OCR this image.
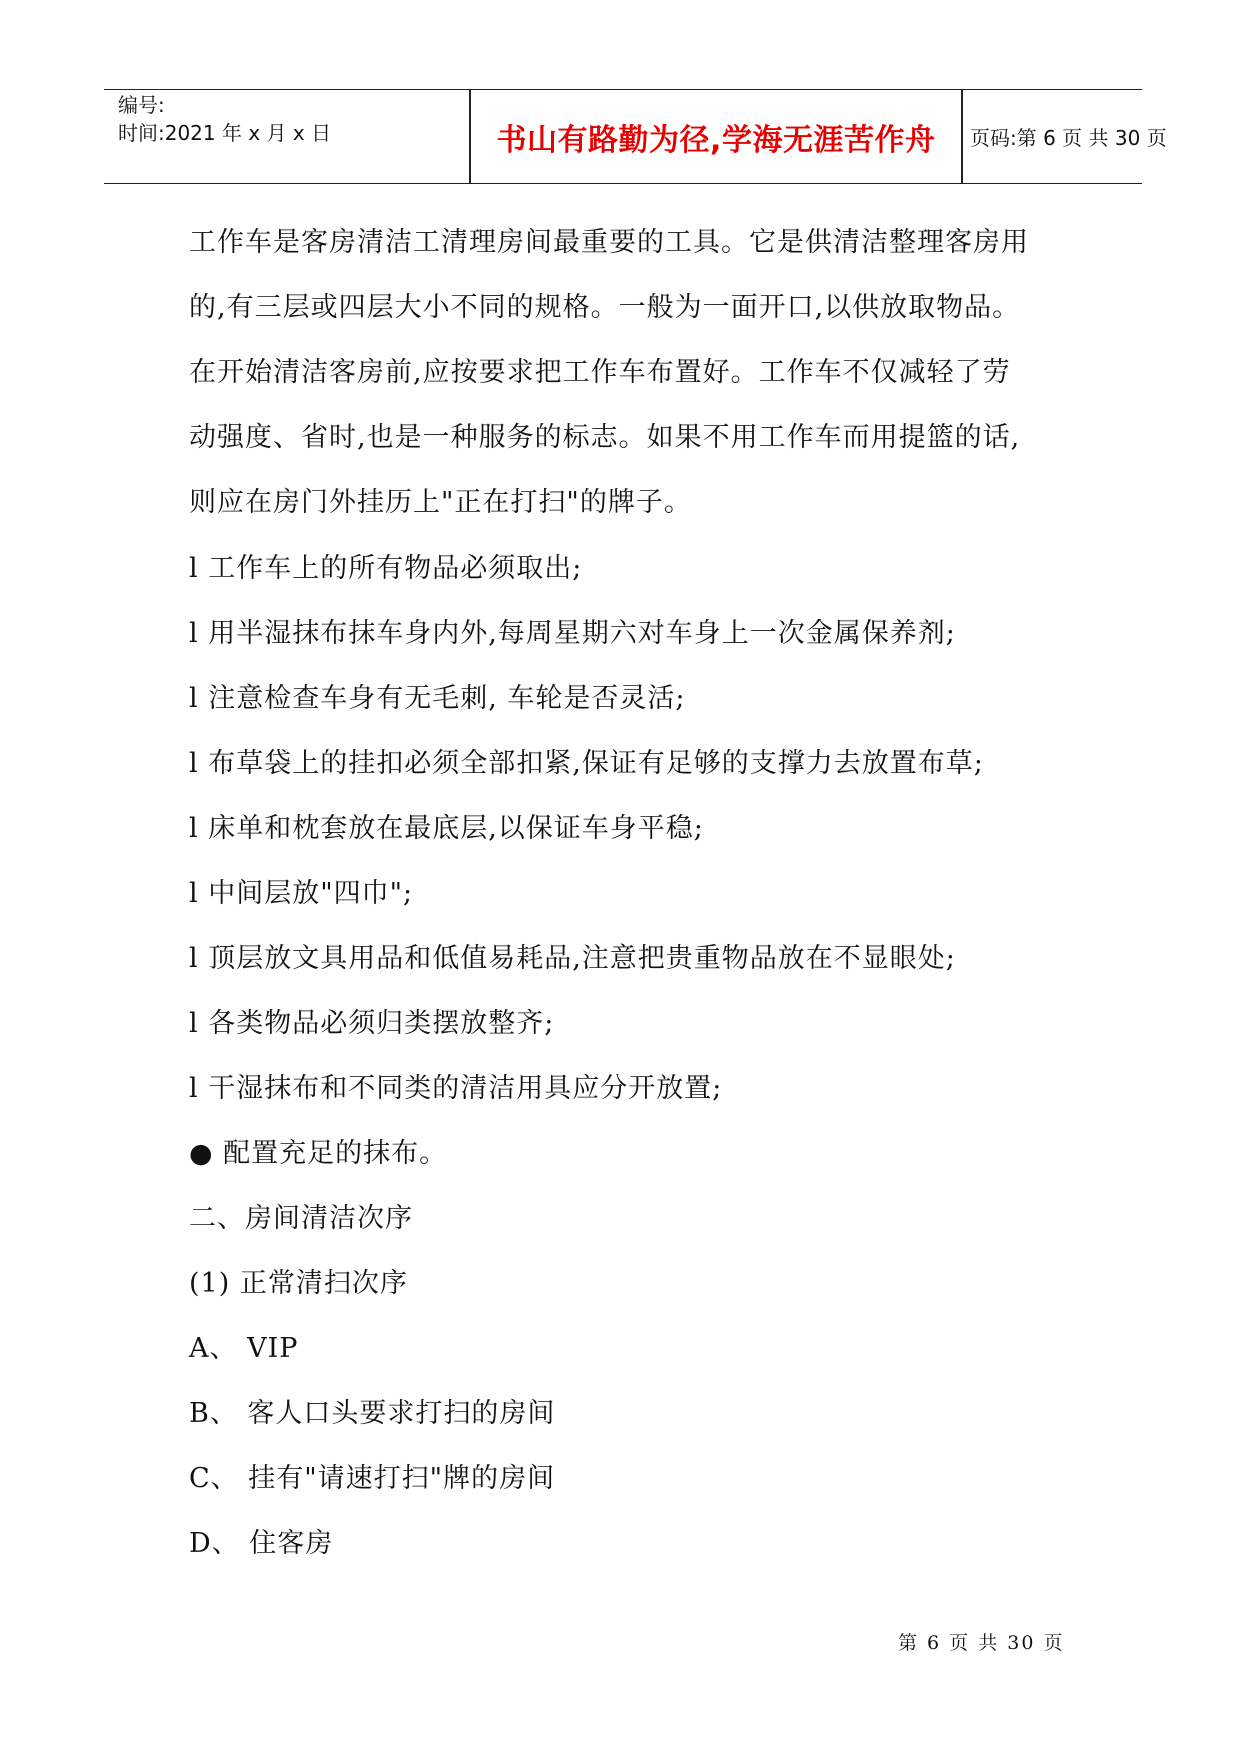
编号:
时间:2021 年 x 月 x 日	书山有路勤为径,学海无涯苦作舟	页码:第 6 页 共 30 页
工作车是客房清洁工清理房间最重要的工具。它是供清洁整理客房用
的,有三层或四层大小不同的规格。一般为一面开口,以供放取物品。
在开始清洁客房前,应按要求把工作车布置好。工作车不仅减轻了劳
动强度、省时,也是一种服务的标志。如果不用工作车而用提篮的话,
则应在房门外挂历上"正在打扫"的牌子。
l 工作车上的所有物品必须取出;
l 用半湿抹布抹车身内外,每周星期六对车身上一次金属保养剂;
l 注意检查车身有无毛刺, 车轮是否灵活;
l 布草袋上的挂扣必须全部扣紧,保证有足够的支撑力去放置布草;
l 床单和枕套放在最底层,以保证车身平稳;
l 中间层放"四巾";
l 顶层放文具用品和低值易耗品,注意把贵重物品放在不显眼处;
l 各类物品必须归类摆放整齐;
l 干湿抹布和不同类的清洁用具应分开放置;
● 配置充足的抹布。
二、房间清洁次序
(1) 正常清扫次序
A、 VIP
B、 客人口头要求打扫的房间
C、 挂有"请速打扫"牌的房间
D、 住客房
第 6 页 共 30 页
